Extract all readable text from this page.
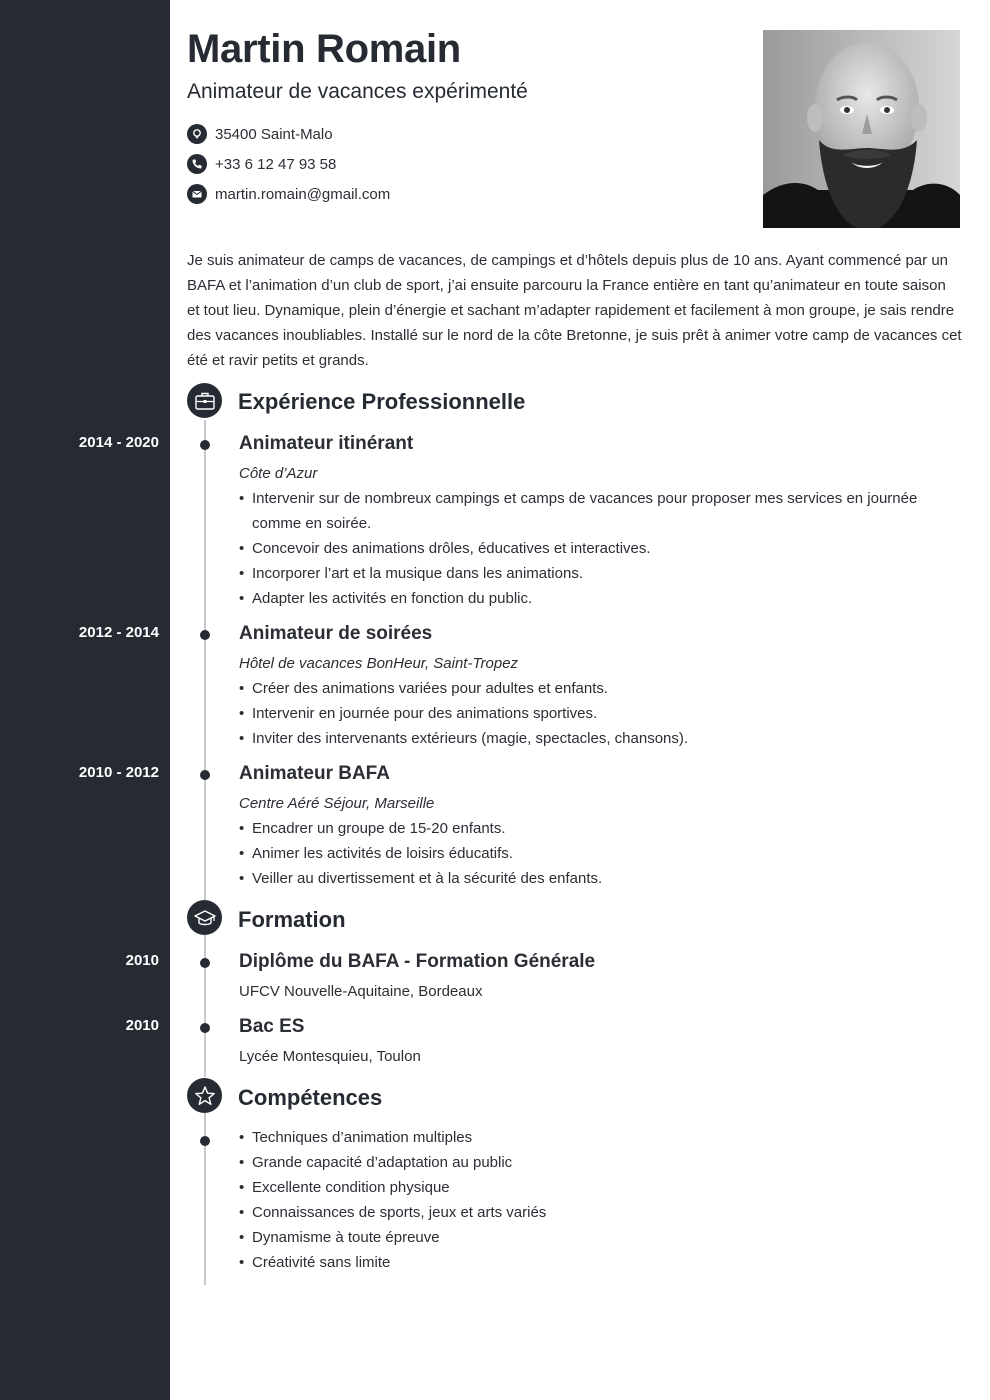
Martin Romain
Animateur de vacances expérimenté
35400 Saint-Malo
+33 6 12 47 93 58
martin.romain@gmail.com

Je suis animateur de camps de vacances, de campings et d’hôtels depuis plus de 10 ans. Ayant commencé par un BAFA et l’animation d’un club de sport, j’ai ensuite parcouru la France entière en tant qu’animateur en toute saison et tout lieu. Dynamique, plein d’énergie et sachant m’adapter rapidement et facilement à mon groupe, je sais rendre des vacances inoubliables. Installé sur le nord de la côte Bretonne, je suis prêt à animer votre camp de vacances cet été et ravir petits et grands.

Expérience Professionnelle
2014 - 2020	Animateur itinérant
Côte d’Azur
• Intervenir sur de nombreux campings et camps de vacances pour proposer mes services en journée comme en soirée.
• Concevoir des animations drôles, éducatives et interactives.
• Incorporer l’art et la musique dans les animations.
• Adapter les activités en fonction du public.
2012 - 2014	Animateur de soirées
Hôtel de vacances BonHeur, Saint-Tropez
• Créer des animations variées pour adultes et enfants.
• Intervenir en journée pour des animations sportives.
• Inviter des intervenants extérieurs (magie, spectacles, chansons).
2010 - 2012	Animateur BAFA
Centre Aéré Séjour, Marseille
• Encadrer un groupe de 15-20 enfants.
• Animer les activités de loisirs éducatifs.
• Veiller au divertissement et à la sécurité des enfants.
Formation
2010	Diplôme du BAFA - Formation Générale
UFCV Nouvelle-Aquitaine, Bordeaux
2010	Bac ES
Lycée Montesquieu, Toulon
Compétences
• Techniques d’animation multiples
• Grande capacité d’adaptation au public
• Excellente condition physique
• Connaissances de sports, jeux et arts variés
• Dynamisme à toute épreuve
• Créativité sans limite
